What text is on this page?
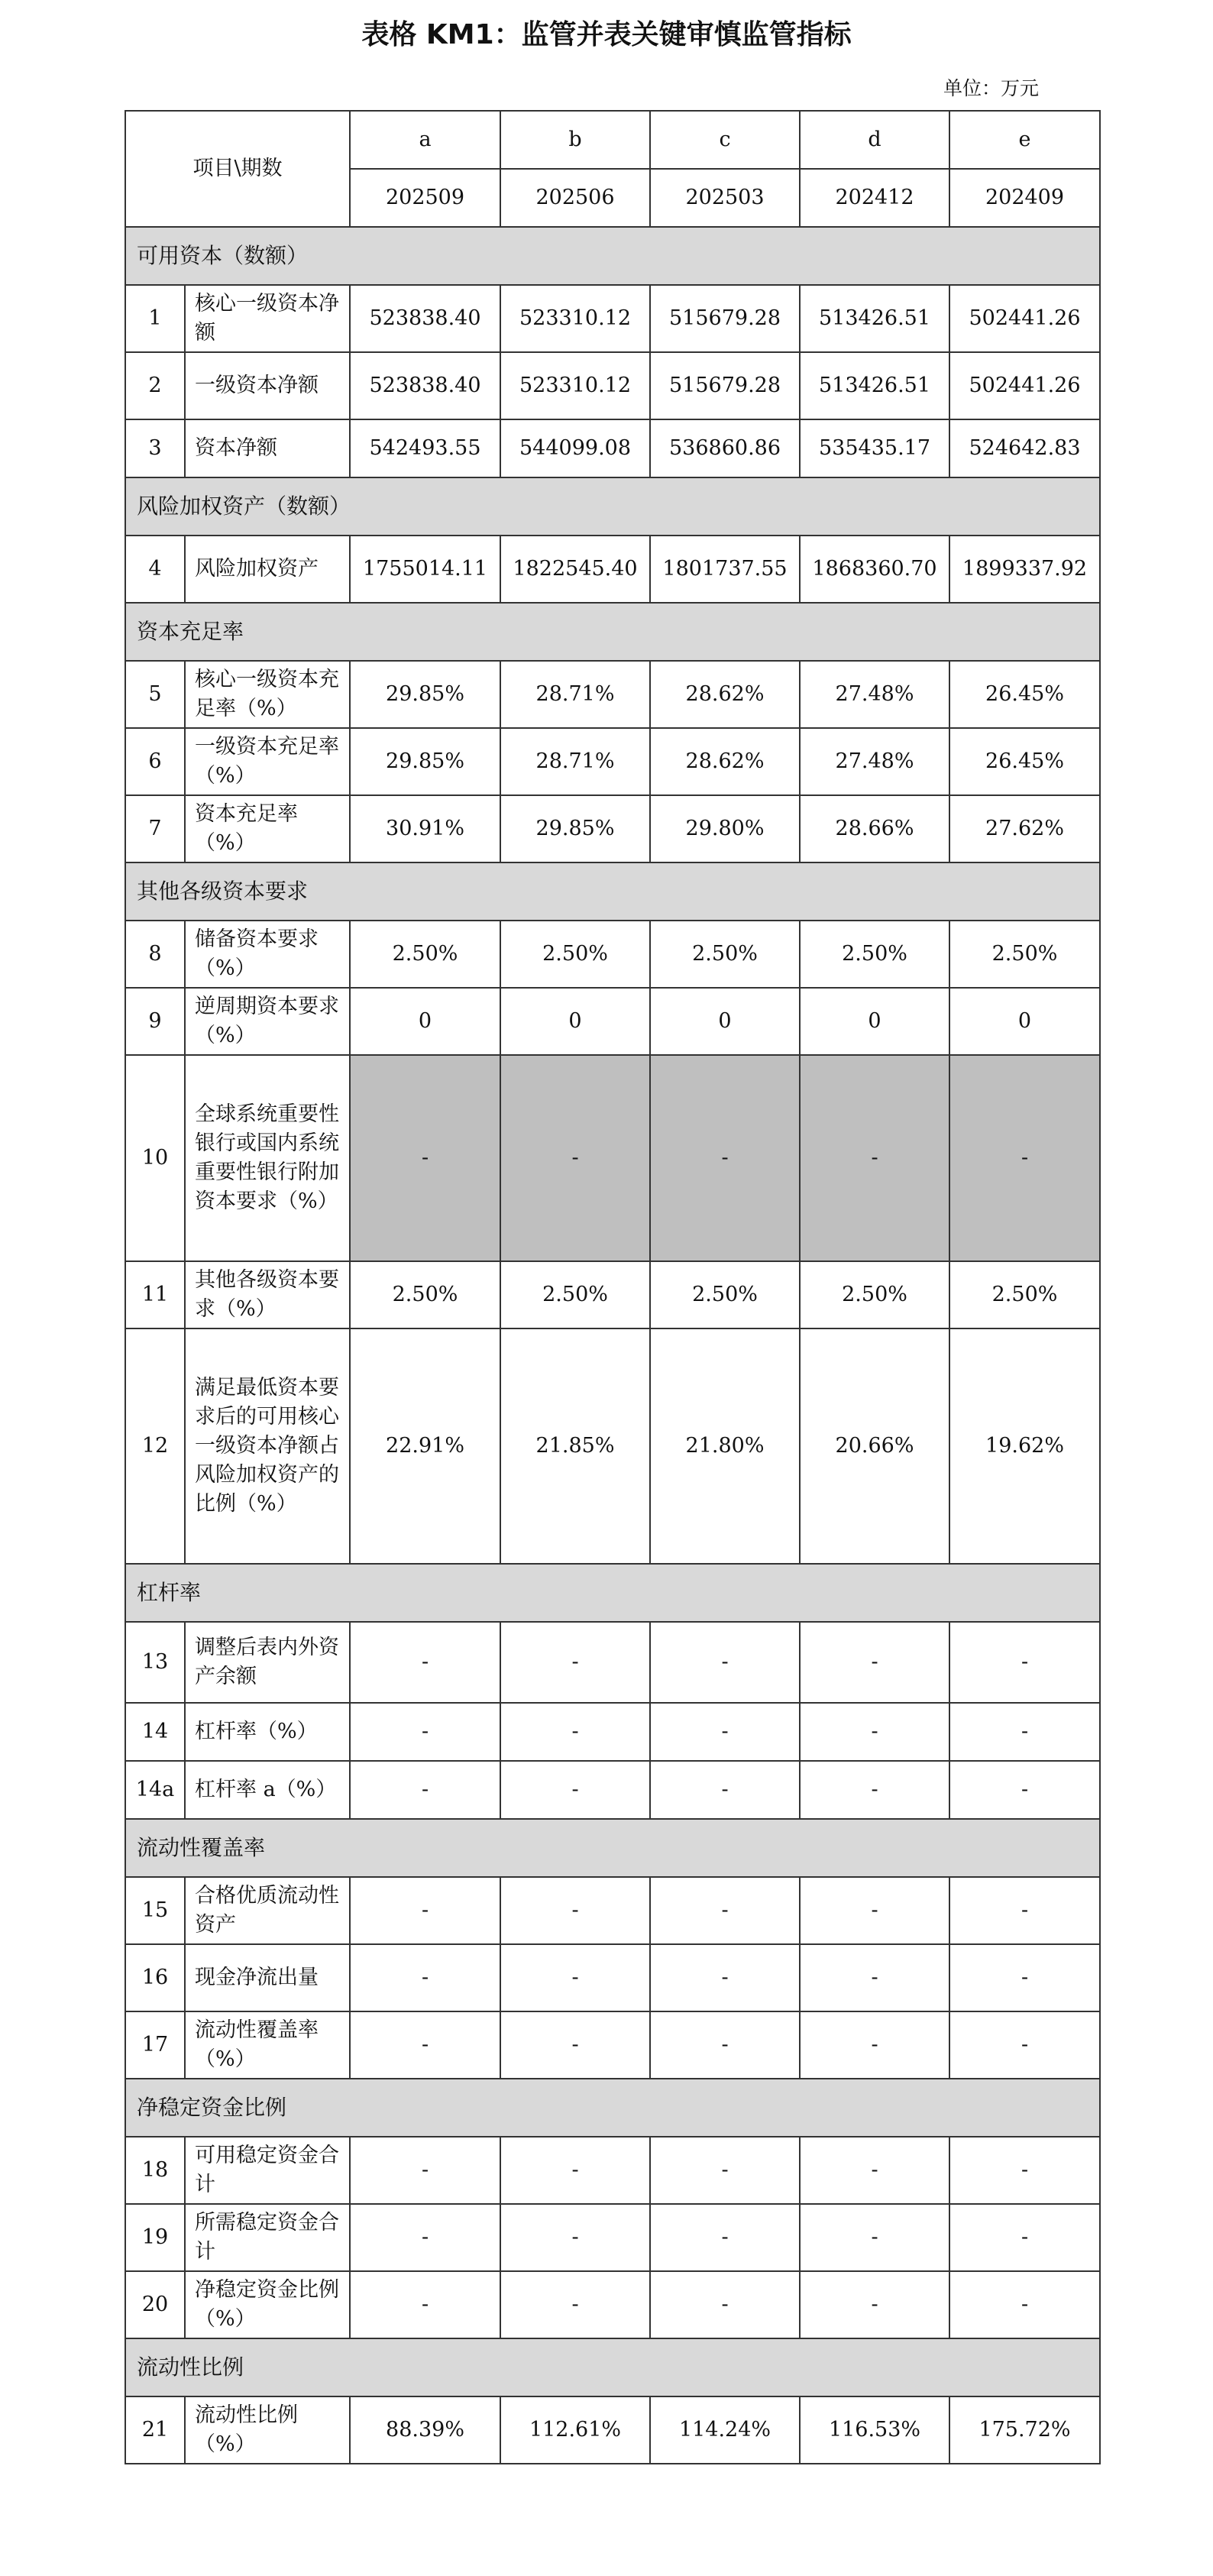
表格 KM1：监管并表关键审慎监管指标
单位：万元
项目\期数		a	b	c	d	e
		202509	202506	202503	202412	202409
可用资本（数额）						
1	核心一级资本净额	523838.40	523310.12	515679.28	513426.51	502441.26
2	一级资本净额	523838.40	523310.12	515679.28	513426.51	502441.26
3	资本净额	542493.55	544099.08	536860.86	535435.17	524642.83
风险加权资产（数额）						
4	风险加权资产	1755014.11	1822545.40	1801737.55	1868360.70	1899337.92
资本充足率						
5	核心一级资本充足率（%）	29.85%	28.71%	28.62%	27.48%	26.45%
6	一级资本充足率（%）	29.85%	28.71%	28.62%	27.48%	26.45%
7	资本充足率（%）	30.91%	29.85%	29.80%	28.66%	27.62%
其他各级资本要求						
8	储备资本要求（%）	2.50%	2.50%	2.50%	2.50%	2.50%
9	逆周期资本要求（%）	0	0	0	0	0
10	全球系统重要性银行或国内系统重要性银行附加资本要求（%）	-	-	-	-	-
11	其他各级资本要求（%）	2.50%	2.50%	2.50%	2.50%	2.50%
12	满足最低资本要求后的可用核心一级资本净额占风险加权资产的比例（%）	22.91%	21.85%	21.80%	20.66%	19.62%
杠杆率						
13	调整后表内外资产余额	-	-	-	-	-
14	杠杆率（%）	-	-	-	-	-
14a	杠杆率 a（%）	-	-	-	-	-
流动性覆盖率						
15	合格优质流动性资产	-	-	-	-	-
16	现金净流出量	-	-	-	-	-
17	流动性覆盖率（%）	-	-	-	-	-
净稳定资金比例						
18	可用稳定资金合计	-	-	-	-	-
19	所需稳定资金合计	-	-	-	-	-
20	净稳定资金比例（%）	-	-	-	-	-
流动性比例						
21	流动性比例（%）	88.39%	112.61%	114.24%	116.53%	175.72%
